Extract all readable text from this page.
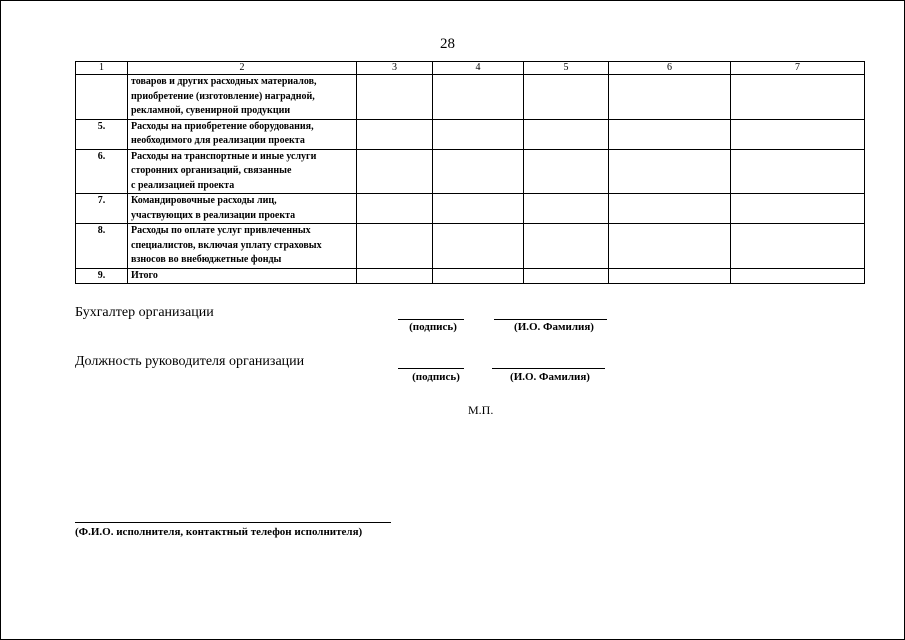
28
1	2	3	4	5	6	7
	товаров и других расходных материалов,
приобретение (изготовление) наградной,
рекламной, сувенирной продукции					
5.	Расходы на приобретение оборудования,
необходимого для реализации проекта					
6.	Расходы на транспортные и иные услуги
сторонних организаций, связанные
с реализацией проекта					
7.	Командировочные расходы лиц,
участвующих в реализации проекта					
8.	Расходы по оплате услуг привлеченных
специалистов, включая уплату страховых
взносов во внебюджетные фонды					
9.	Итого					
Бухгалтер организации
(подпись)	(И.О. Фамилия)
Должность руководителя организации
(подпись)	(И.О. Фамилия)
М.П.
(Ф.И.О. исполнителя, контактный телефон исполнителя)
